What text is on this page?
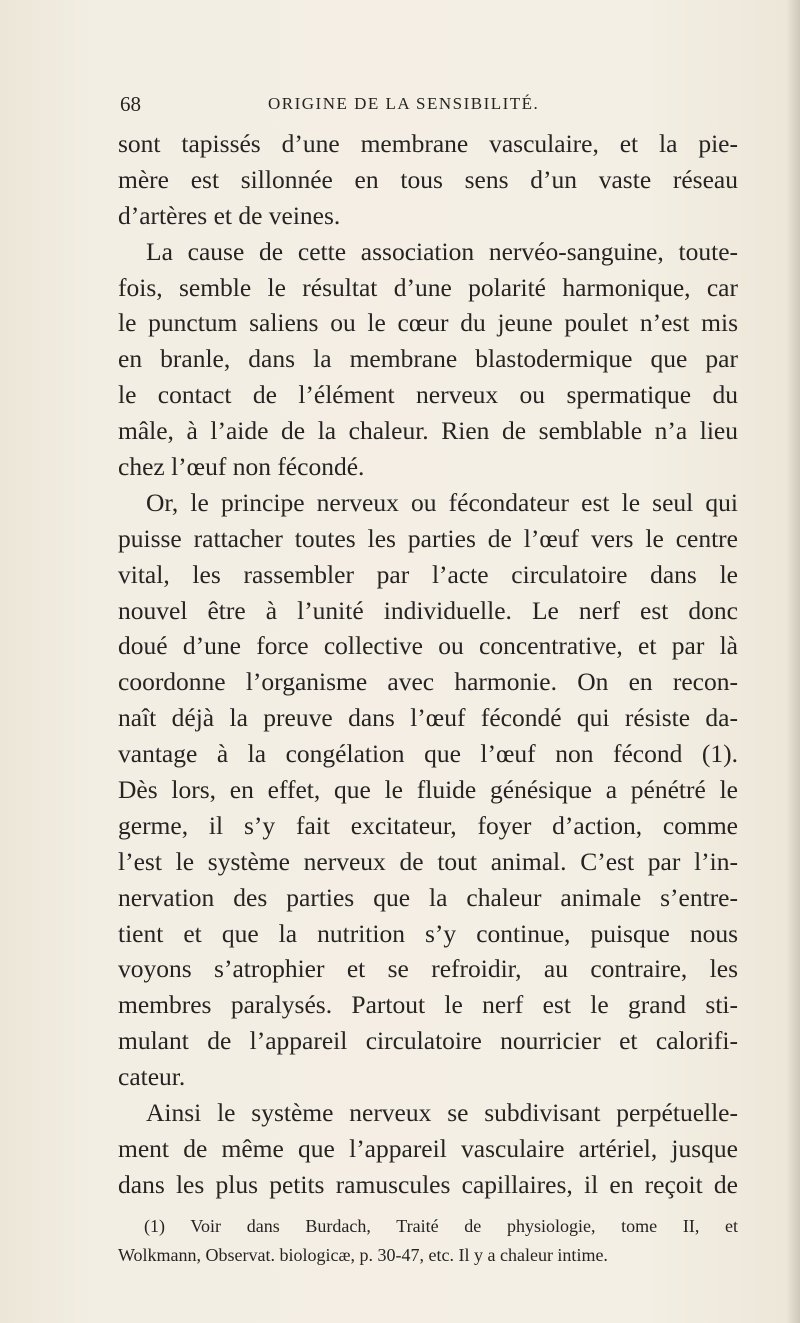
68	ORIGINE DE LA SENSIBILITÉ.
sont tapissés d’une membrane vasculaire, et la pie-
mère est sillonnée en tous sens d’un vaste réseau
d’artères et de veines.
La cause de cette association nervéo-sanguine, toute-
fois, semble le résultat d’une polarité harmonique, car
le punctum saliens ou le cœur du jeune poulet n’est mis
en branle, dans la membrane blastodermique que par
le contact de l’élément nerveux ou spermatique du
mâle, à l’aide de la chaleur. Rien de semblable n’a lieu
chez l’œuf non fécondé.
Or, le principe nerveux ou fécondateur est le seul qui
puisse rattacher toutes les parties de l’œuf vers le centre
vital, les rassembler par l’acte circulatoire dans le
nouvel être à l’unité individuelle. Le nerf est donc
doué d’une force collective ou concentrative, et par là
coordonne l’organisme avec harmonie. On en recon-
naît déjà la preuve dans l’œuf fécondé qui résiste da-
vantage à la congélation que l’œuf non fécond (1).
Dès lors, en effet, que le fluide génésique a pénétré le
germe, il s’y fait excitateur, foyer d’action, comme
l’est le système nerveux de tout animal. C’est par l’in-
nervation des parties que la chaleur animale s’entre-
tient et que la nutrition s’y continue, puisque nous
voyons s’atrophier et se refroidir, au contraire, les
membres paralysés. Partout le nerf est le grand sti-
mulant de l’appareil circulatoire nourricier et calorifi-
cateur.
Ainsi le système nerveux se subdivisant perpétuelle-
ment de même que l’appareil vasculaire artériel, jusque
dans les plus petits ramuscules capillaires, il en reçoit de
(1) Voir dans Burdach, Traité de physiologie, tome II, et
Wolkmann, Observat. biologicæ, p. 30-47, etc. Il y a chaleur intime.
